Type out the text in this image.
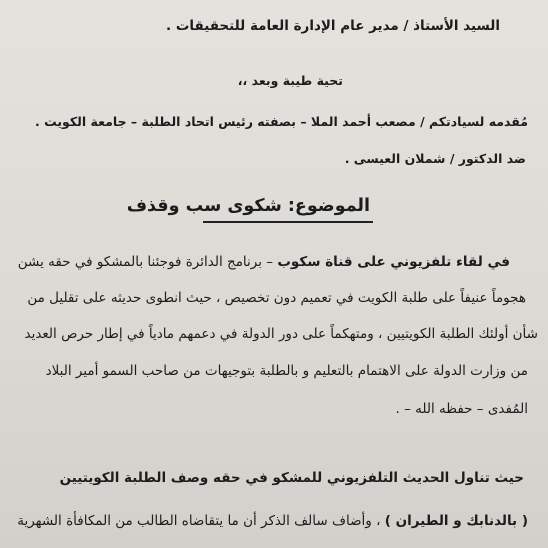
السيد الأستاذ / مدير عام الإدارة العامة للتحقيقات .

تحية طيبة وبعد ،،

مُقدمه لسيادتكم / مصعب أحمد الملا – بصفته رئيس اتحاد الطلبة – جامعة الكويت .

ضد الدكتور / شملان العيسى .

الموضوع: شكوى سب وقذف

في لقاء تلفزيوني على قناة سكوب – برنامج الدائرة فوجئنا بالمشكو في حقه يشن

هجوماً عنيفاً على طلبة الكويت في تعميم دون تخصيص ، حيث انطوى حديثه على تقليل من

شأن أولئك الطلبة الكويتيين ، ومتهكماً على دور الدولة في دعمهم مادياً في إطار حرص العديد

من وزارت الدولة على الاهتمام بالتعليم و بالطلبة بتوجيهات من صاحب السمو أمير البلاد

المُفدى – حفظه الله – .

حيث تناول الحديث التلفزيوني للمشكو في حقه وصف الطلبة الكويتيين

( بالدنابك و الطيران ) ، وأضاف سالف الذكر أن ما يتقاضاه الطالب من المكافأة الشهرية
